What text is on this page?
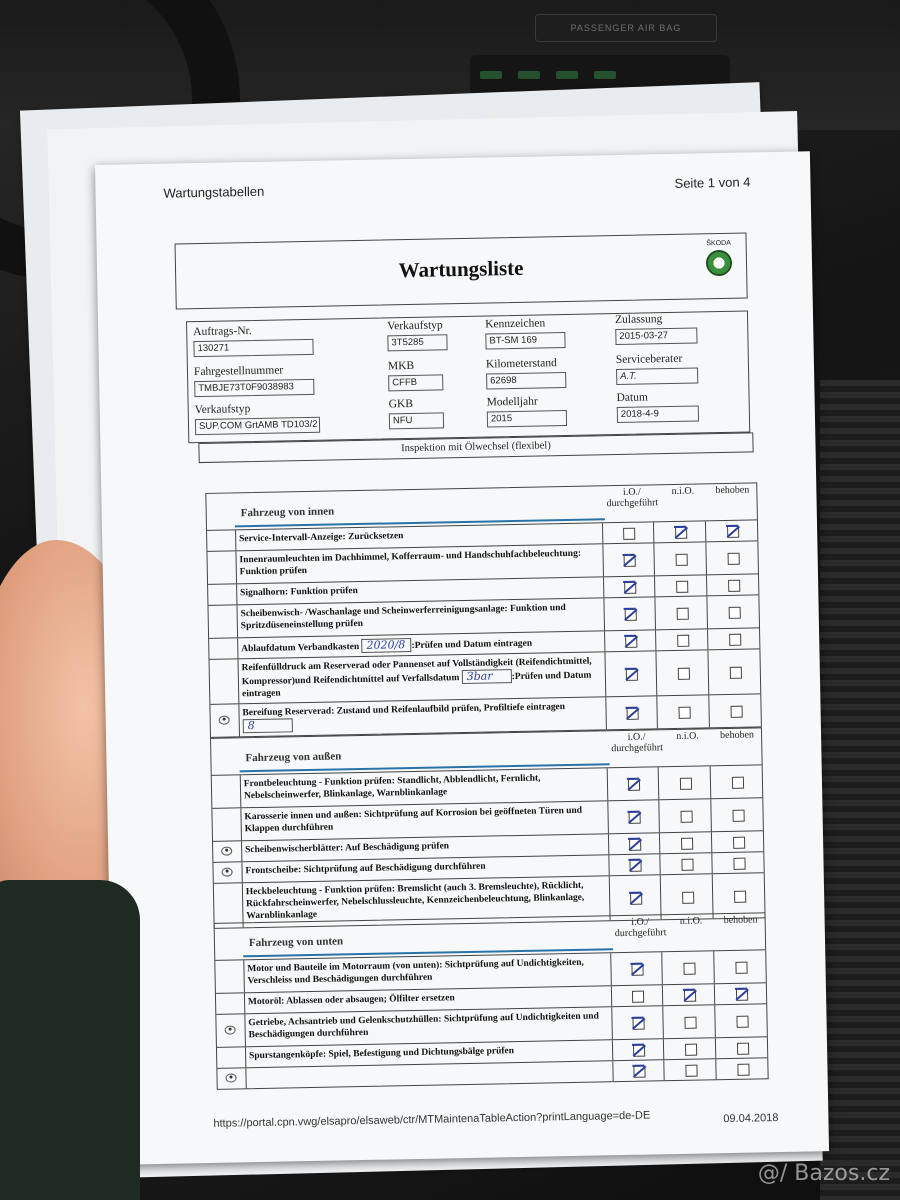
PASSENGER AIR BAG
Wartungstabellen
Seite 1 von 4
Wartungsliste
ŠKODA
Auftrags-Nr.
130271
Fahrgestellnummer
TMBJE73T0F9038983
Verkaufstyp
SUP.COM GrtAMB TD103/2
Verkaufstyp
3T5285
MKB
CFFB
GKB
NFU
Kennzeichen
BT-SM 169
Kilometerstand
62698
Modelljahr
2015
Zulassung
2015-03-27
Serviceberater
A.T.
Datum
2018-4-9
Inspektion mit Ölwechsel (flexibel)
Fahrzeug von innen
i.O./
durchgeführt
n.i.O.	behoben
Service-Intervall-Anzeige: Zurücksetzen
Innenraumleuchten im Dachhimmel, Kofferraum- und Handschuhfachbeleuchtung: Funktion prüfen
Signalhorn: Funktion prüfen
Scheibenwisch- /Waschanlage und Scheinwerferreinigungsanlage: Funktion und Spritzdüseneinstellung prüfen
Ablaufdatum Verbandkasten 2020/8 :Prüfen und Datum eintragen
Reifenfülldruck am Reserverad oder Pannenset auf Vollständigkeit (Reifendichtmittel, Kompressor)und Reifendichtmittel auf Verfallsdatum 3bar :Prüfen und Datum eintragen
Bereifung Reserverad: Zustand und Reifenlaufbild prüfen, Profiltiefe eintragen 8
Fahrzeug von außen
i.O./
durchgeführt
n.i.O.	behoben
Frontbeleuchtung - Funktion prüfen: Standlicht, Abblendlicht, Fernlicht, Nebelscheinwerfer, Blinkanlage, Warnblinkanlage
Karosserie innen und außen: Sichtprüfung auf Korrosion bei geöffneten Türen und Klappen durchführen
Scheibenwischerblätter: Auf Beschädigung prüfen
Frontscheibe: Sichtprüfung auf Beschädigung durchführen
Heckbeleuchtung - Funktion prüfen: Bremslicht (auch 3. Bremsleuchte), Rücklicht, Rückfahrscheinwerfer, Nebelschlussleuchte, Kennzeichenbeleuchtung, Blinkanlage, Warnblinkanlage
Fahrzeug von unten
i.O./
durchgeführt
n.i.O.	behoben
Motor und Bauteile im Motorraum (von unten): Sichtprüfung auf Undichtigkeiten, Verschleiss und Beschädigungen durchführen
Motoröl: Ablassen oder absaugen; Ölfilter ersetzen
Getriebe, Achsantrieb und Gelenkschutzhüllen: Sichtprüfung auf Undichtigkeiten und Beschädigungen durchführen
Spurstangenköpfe: Spiel, Befestigung und Dichtungsbälge prüfen
https://portal.cpn.vwg/elsapro/elsaweb/ctr/MTMaintenaTableAction?printLanguage=de-DE	09.04.2018
@/ Bazos.cz
